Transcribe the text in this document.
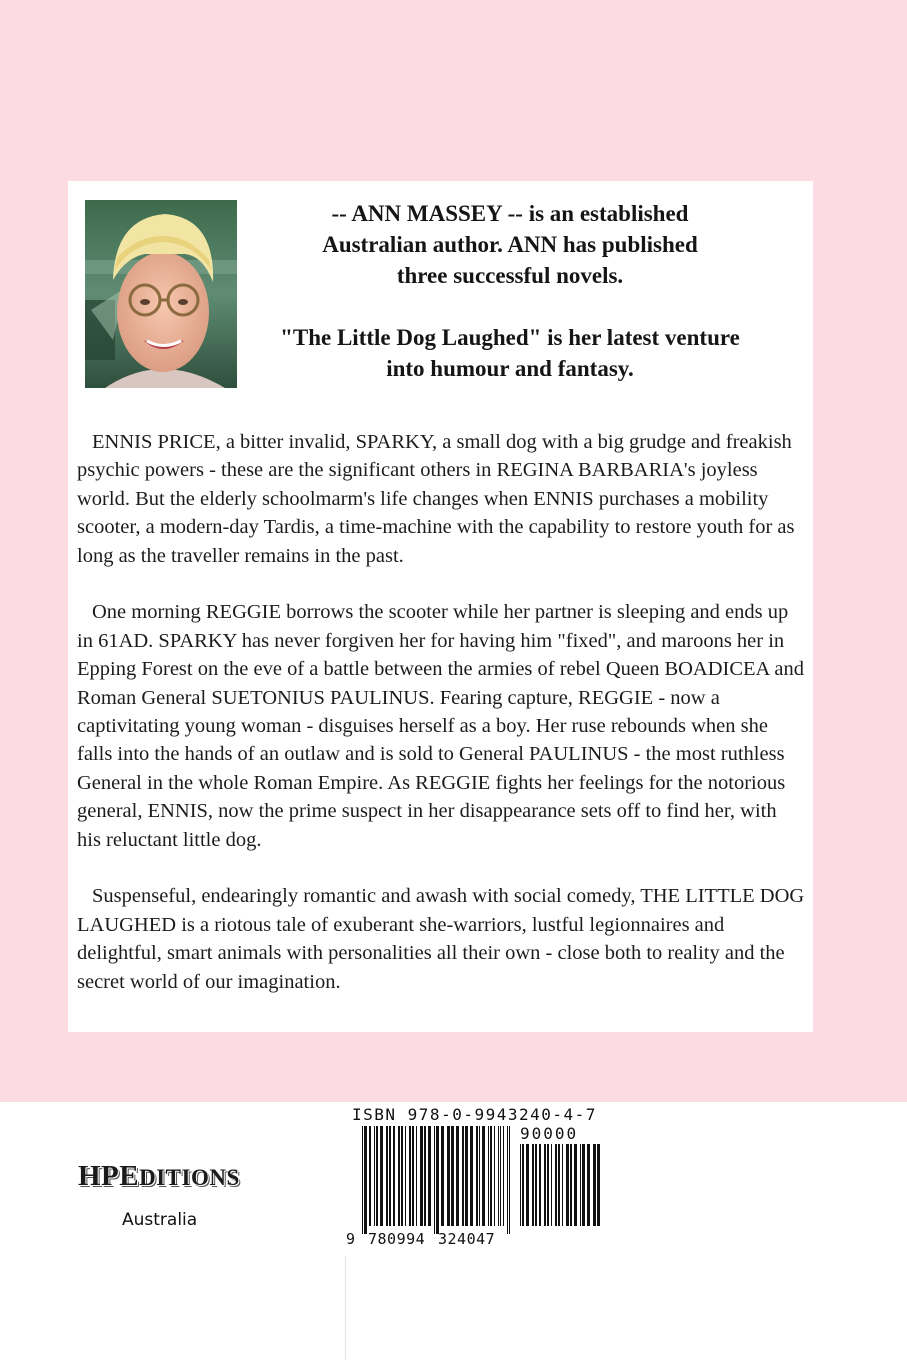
-- ANN MASSEY -- is an established

Australian author. ANN has published

three successful novels.

"The Little Dog Laughed" is her latest venture

into humour and fantasy.

ENNIS PRICE, a bitter invalid, SPARKY, a small dog with a big grudge and freakish psychic powers - these are the significant others in REGINA BARBARIA's joyless world. But the elderly schoolmarm's life changes when ENNIS purchases a mobility scooter, a modern-day Tardis, a time-machine with the capability to restore youth for as long as the traveller remains in the past.

One morning REGGIE borrows the scooter while her partner is sleeping and ends up in 61AD. SPARKY has never forgiven her for having him "fixed", and maroons her in Epping Forest on the eve of a battle between the armies of rebel Queen BOADICEA and Roman General SUETONIUS PAULINUS. Fearing capture, REGGIE - now a captivitating young woman - disguises herself as a boy. Her ruse rebounds when she falls into the hands of an outlaw and is sold to General PAULINUS - the most ruthless General in the whole Roman Empire. As REGGIE fights her feelings for the notorious general, ENNIS, now the prime suspect in her disappearance sets off to find her, with his reluctant little dog.

Suspenseful, endearingly romantic and awash with social comedy, THE LITTLE DOG LAUGHED is a riotous tale of exuberant she-warriors, lustful legionnaires and delightful, smart animals with personalities all their own - close both to reality and the secret world of our imagination.

HPEDITIONS
Australia
ISBN 978-0-9943240-4-7
90000
9 780994 324047
